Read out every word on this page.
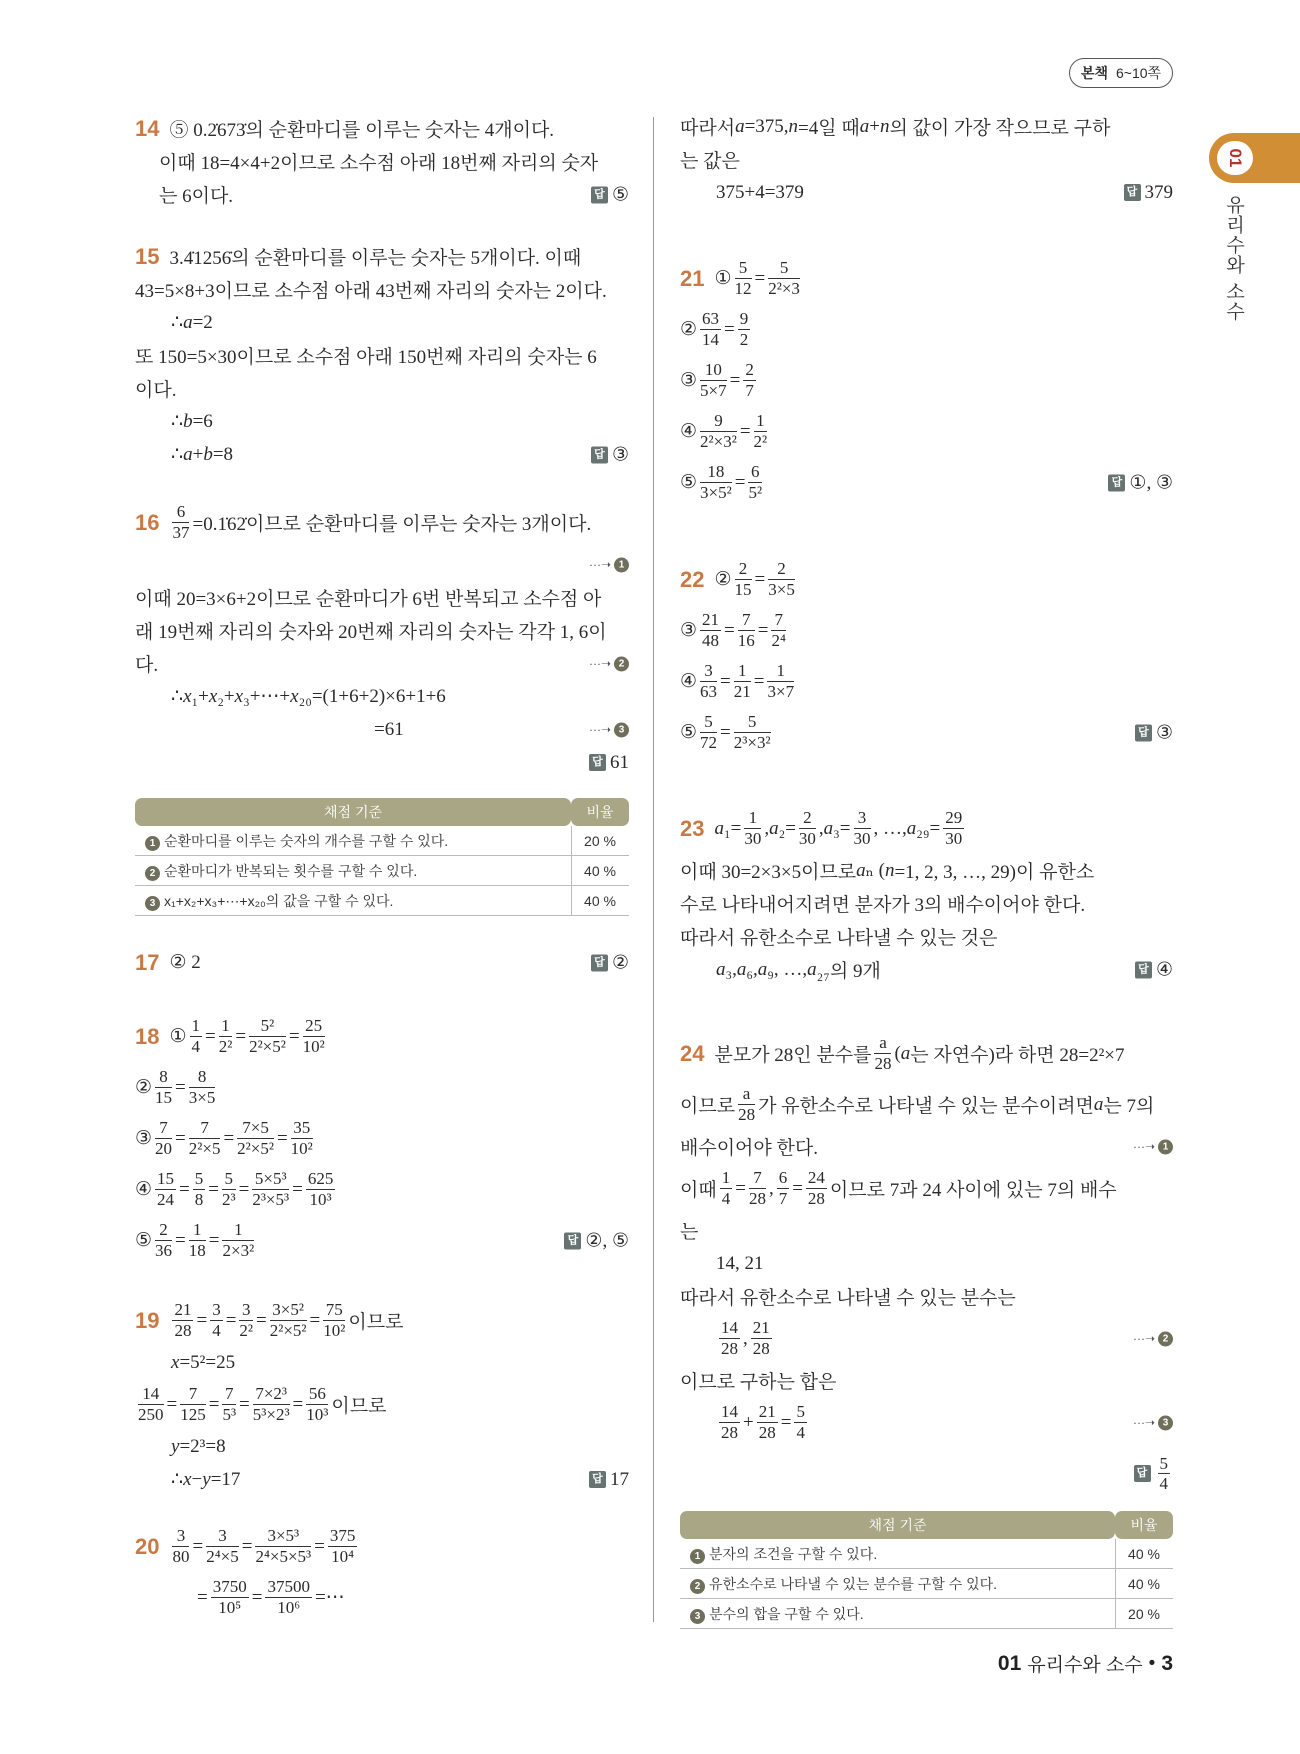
본책 6~10쪽
01
유리수와 소수
14 ⑤ 0.2̇673̇의 순환마디를 이루는 숫자는 4개이다.
이때 18=4×4+2이므로 소수점 아래 18번째 자리의 숫자
는 6이다.	답 ⑤
15 3.4̇1256̇의 순환마디를 이루는 숫자는 5개이다. 이때
43=5×8+3이므로 소수점 아래 43번째 자리의 숫자는 2이다.
∴ a =2
또 150=5×30이므로 소수점 아래 150번째 자리의 숫자는 6
이다.
∴ b =6
∴ a + b =8	답 ③
$16 \frac{6}{37}$ =0.1̇62̇이므로 순환마디를 이루는 숫자는 3개이다.
···➝ 1
이때 20=3×6+2이므로 순환마디가 6번 반복되고 소수점 아
래 19번째 자리의 숫자와 20번째 자리의 숫자는 각각 1, 6이
다.	···➝ 2
∴ x ₁+ x ₂+ x ₃+⋯+ x ₂₀=(1+6+2)×6+1+6
=61	···➝ 3
답 61
채점 기준	비율
1 순환마디를 이루는 숫자의 개수를 구할 수 있다.	20 %
2 순환마디가 반복되는 횟수를 구할 수 있다.	40 %
3 x₁+x₂+x₃+⋯+x₂₀의 값을 구할 수 있다.	40 %
17 ② 2	답 ②
18 ① $\frac{1}{4} = \frac{1}{\text{2²}} = \frac{\text{5²}}{\text{2²×5²}} = \frac{25}{\text{10²}}$
② $\frac{8}{15} = \frac{8}{3\times 5}$
③ $\frac{7}{20} = \frac{7}{\text{2²×5}} = \frac{7\times 5}{\text{2²×5²}} = \frac{35}{\text{10²}}$
④ $\frac{15}{24} = \frac{5}{8} = \frac{5}{\text{2³}} = \frac{\text{5×5³}}{\text{2³×5³}} = \frac{625}{\text{10³}}$
⑤ $\frac{2}{36} = \frac{1}{18} = \frac{1}{\text{2×3²}}$	답 ②, ⑤
$19 \frac{21}{28} = \frac{3}{4} = \frac{3}{\text{2²}} = \frac{\text{3×5²}}{\text{2²×5²}} = \frac{75}{\text{10²}}$ 이므로
x =5²=25
$\frac{14}{250} = \frac{7}{125} = \frac{7}{\text{5³}} = \frac{\text{7×2³}}{\text{5³×2³}} = \frac{56}{\text{10³}}$ 이므로
y =2³=8
∴ x − y =17	답 17
$20 \frac{3}{80} = \frac{3}{\text{2⁴×5}} = \frac{\text{3×5³}}{\text{2⁴×5×5³}} = \frac{375}{\text{10⁴}}$
= $\frac{3750}{\text{10⁵}} = \frac{37500}{\text{10⁶}}$ =⋯
따라서 a =375, n =4일 때 a + n 의 값이 가장 작으므로 구하
는 값은
375+4=379	답 379
21 ① $\frac{5}{12} = \frac{5}{\text{2²×3}}$
② $\frac{63}{14} = \frac{9}{2}$
③ $\frac{10}{5\times 7} = \frac{2}{7}$
④ $\frac{9}{\text{2²×3²}} = \frac{1}{\text{2²}}$
⑤ $\frac{18}{\text{3×5²}} = \frac{6}{\text{5²}}$	답 ①, ③
22 ② $\frac{2}{15} = \frac{2}{3\times 5}$
③ $\frac{21}{48} = \frac{7}{16} = \frac{7}{\text{2⁴}}$
④ $\frac{3}{63} = \frac{1}{21} = \frac{1}{3\times 7}$
⑤ $\frac{5}{72} = \frac{5}{\text{2³×3²}}$	답 ③
23 a $_1= \frac{1}{30}$ , a $_2= \frac{2}{30}$ , a $_3= \frac{3}{30}$ , …, a $_{29}= \frac{29}{30}$
이때 30=2×3×5이므로 a ₙ ( n =1, 2, 3, …, 29)이 유한소
수로 나타내어지려면 분자가 3의 배수이어야 한다.
따라서 유한소수로 나타낼 수 있는 것은
a ₃, a ₆, a ₉, …, a ₂₇의 9개	답 ④
24 분모가 28인 분수를 $\frac{a}{28}$ ( a 는 자연수)라 하면 28=2²×7
이므로 $\frac{a}{28}$ 가 유한소수로 나타낼 수 있는 분수이려면 a 는 7의
배수이어야 한다.	···➝ 1
이때 $\frac{1}{4} = \frac{7}{28}$ , $\frac{6}{7} = \frac{24}{28}$ 이므로 7과 24 사이에 있는 7의 배수
는
14, 21
따라서 유한소수로 나타낼 수 있는 분수는
$\frac{14}{28}$ , $\frac{21}{28}$	···➝ 2
이므로 구하는 합은
$\frac{14}{28} + \frac{21}{28} = \frac{5}{4}$	···➝ 3
답 $\frac{5}{4}$
채점 기준	비율
1 분자의 조건을 구할 수 있다.	40 %
2 유한소수로 나타낼 수 있는 분수를 구할 수 있다.	40 %
3 분수의 합을 구할 수 있다.	20 %
01 유리수와 소수 • 3
